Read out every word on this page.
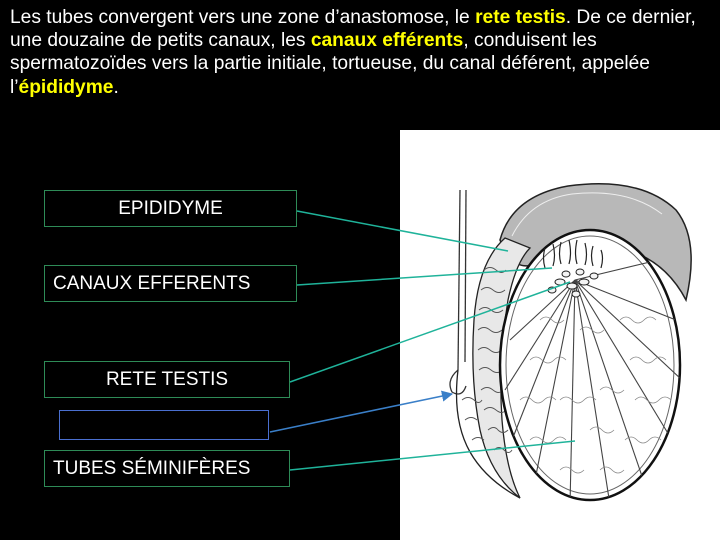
Les tubes convergent vers une zone d’anastomose, le rete testis. De ce dernier, une douzaine de petits canaux, les canaux efférents, conduisent les spermatozoïdes vers la partie initiale, tortueuse, du canal déférent, appelée l’épididyme.

EPIDIDYME
CANAUX EFFERENTS
RETE TESTIS
TUBES SÉMINIFÈRES
